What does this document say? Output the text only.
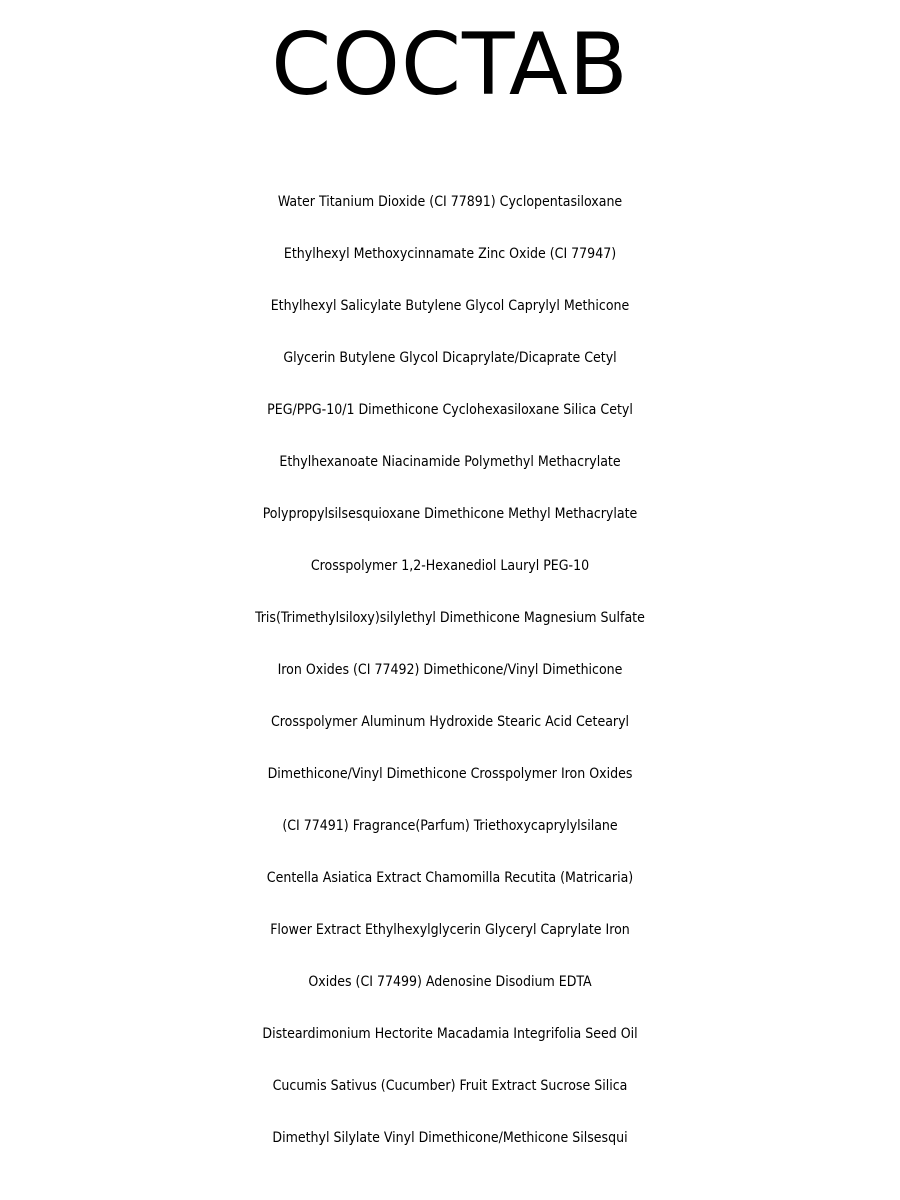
COCTAB
Water Titanium Dioxide (CI 77891) Cyclopentasiloxane
Ethylhexyl Methoxycinnamate Zinc Oxide (CI 77947)
Ethylhexyl Salicylate Butylene Glycol Caprylyl Methicone
Glycerin Butylene Glycol Dicaprylate/Dicaprate Cetyl
PEG/PPG-10/1 Dimethicone Cyclohexasiloxane Silica Cetyl
Ethylhexanoate Niacinamide Polymethyl Methacrylate
Polypropylsilsesquioxane Dimethicone Methyl Methacrylate
Crosspolymer 1,2-Hexanediol Lauryl PEG-10
Tris(Trimethylsiloxy)silylethyl Dimethicone Magnesium Sulfate
Iron Oxides (CI 77492) Dimethicone/Vinyl Dimethicone
Crosspolymer Aluminum Hydroxide Stearic Acid Cetearyl
Dimethicone/Vinyl Dimethicone Crosspolymer Iron Oxides
(CI 77491) Fragrance(Parfum) Triethoxycaprylylsilane
Centella Asiatica Extract Chamomilla Recutita (Matricaria)
Flower Extract Ethylhexylglycerin Glyceryl Caprylate Iron
Oxides (CI 77499) Adenosine Disodium EDTA
Disteardimonium Hectorite Macadamia Integrifolia Seed Oil
Cucumis Sativus (Cucumber) Fruit Extract Sucrose Silica
Dimethyl Silylate Vinyl Dimethicone/Methicone Silsesqui
